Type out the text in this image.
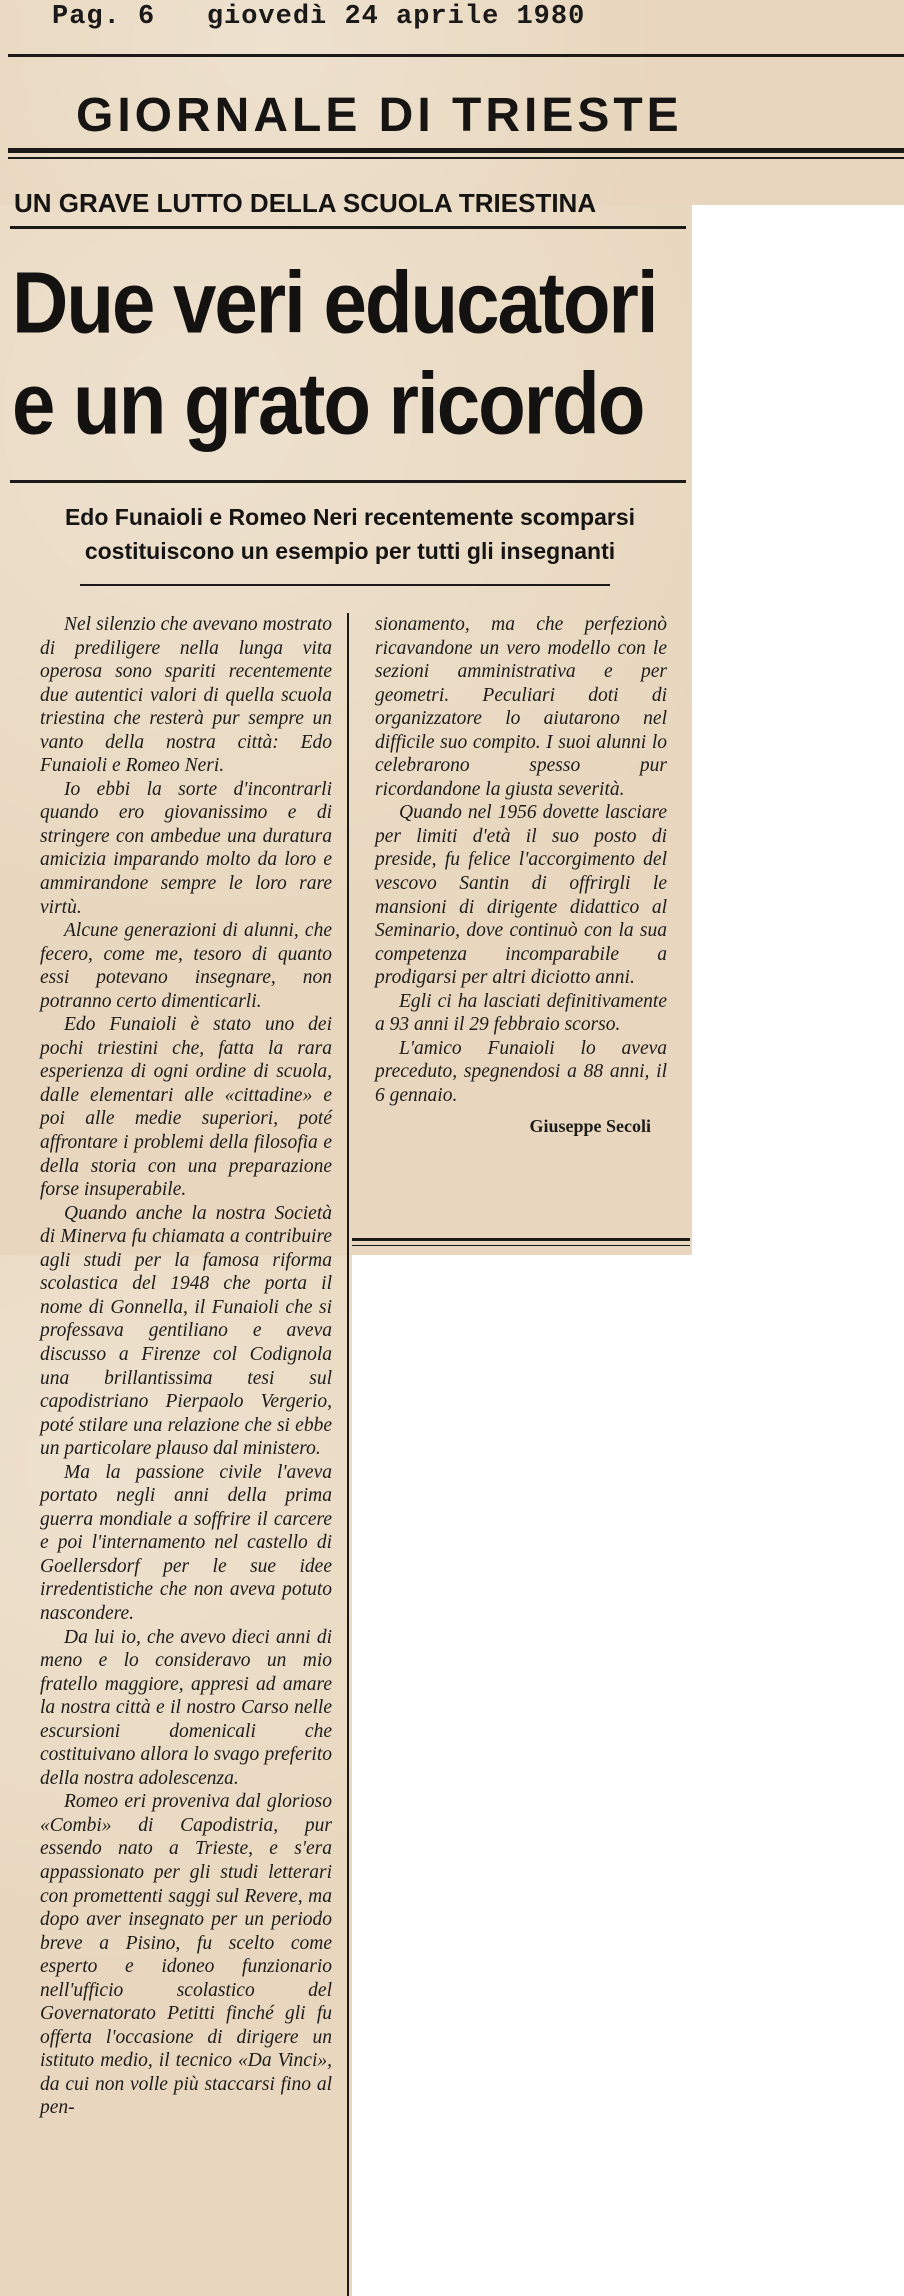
Pag. 6   giovedì 24 aprile 1980

GIORNALE DI TRIESTE
UN GRAVE LUTTO DELLA SCUOLA TRIESTINA
Due veri educatori
e un grato ricordo

Edo Funaioli e Romeo Neri recentemente scomparsi
costituiscono un esempio per tutti gli insegnanti

Nel silenzio che avevano mostrato di prediligere nella lunga vita operosa sono spariti recentemente due autentici valori di quella scuola triestina che resterà pur sempre un vanto della nostra città: Edo Funaioli e Romeo Neri.

Io ebbi la sorte d'incontrarli quando ero giovanissimo e di stringere con ambedue una duratura amicizia imparando molto da loro e ammirandone sempre le loro rare virtù.

Alcune generazioni di alunni, che fecero, come me, tesoro di quanto essi potevano insegnare, non potranno certo dimenticarli.

Edo Funaioli è stato uno dei pochi triestini che, fatta la rara esperienza di ogni ordine di scuola, dalle elementari alle «cittadine» e poi alle medie superiori, poté affrontare i problemi della filosofia e della storia con una preparazione forse insuperabile.

Quando anche la nostra Società di Minerva fu chiamata a contribuire agli studi per la famosa riforma scolastica del 1948 che porta il nome di Gonnella, il Funaioli che si professava gentiliano e aveva discusso a Firenze col Codignola una brillantissima tesi sul capodistriano Pierpaolo Vergerio, poté stilare una relazione che si ebbe un particolare plauso dal ministero.

Ma la passione civile l'aveva portato negli anni della prima guerra mondiale a soffrire il carcere e poi l'internamento nel castello di Goellersdorf per le sue idee irredentistiche che non aveva potuto nascondere.

Da lui io, che avevo dieci anni di meno e lo consideravo un mio fratello maggiore, appresi ad amare la nostra città e il nostro Carso nelle escursioni domenicali che costituivano allora lo svago preferito della nostra adolescenza.

Romeo eri proveniva dal glorioso «Combi» di Capodistria, pur essendo nato a Trieste, e s'era appassionato per gli studi letterari con promettenti saggi sul Revere, ma dopo aver insegnato per un periodo breve a Pisino, fu scelto come esperto e idoneo funzionario nell'ufficio scolastico del Governatorato Petitti finché gli fu offerta l'occasione di dirigere un istituto medio, il tecnico «Da Vinci», da cui non volle più staccarsi fino al pen-

sionamento, ma che perfezionò ricavandone un vero modello con le sezioni amministrativa e per geometri. Peculiari doti di organizzatore lo aiutarono nel difficile suo compito. I suoi alunni lo celebrarono spesso pur ricordandone la giusta severità.

Quando nel 1956 dovette lasciare per limiti d'età il suo posto di preside, fu felice l'accorgimento del vescovo Santin di offrirgli le mansioni di dirigente didattico al Seminario, dove continuò con la sua competenza incomparabile a prodigarsi per altri diciotto anni.

Egli ci ha lasciati definitivamente a 93 anni il 29 febbraio scorso.

L'amico Funaioli lo aveva preceduto, spegnendosi a 88 anni, il 6 gennaio.

Giuseppe Secoli
